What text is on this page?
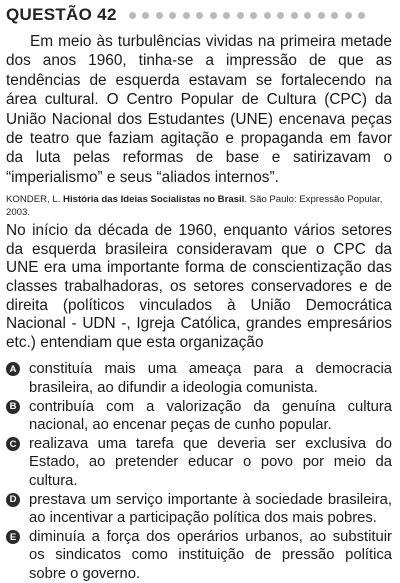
QUESTÃO 42

Em meio às turbulências vividas na primeira metade dos anos 1960, tinha-se a impressão de que as tendências de esquerda estavam se fortalecendo na área cultural. O Centro Popular de Cultura (CPC) da União Nacional dos Estudantes (UNE) encenava peças de teatro que faziam agitação e propaganda em favor da luta pelas reformas de base e satirizavam o “imperialismo” e seus “aliados internos”.

KONDER, L. História das Ideias Socialistas no Brasil. São Paulo: Expressão Popular, 2003.

No início da década de 1960, enquanto vários setores da esquerda brasileira consideravam que o CPC da UNE era uma importante forma de conscientização das classes trabalhadoras, os setores conservadores e de direita (políticos vinculados à União Democrática Nacional - UDN -, Igreja Católica, grandes empresários etc.) entendiam que esta organização

A constituía mais uma ameaça para a democracia brasileira, ao difundir a ideologia comunista.
B contribuía com a valorização da genuína cultura nacional, ao encenar peças de cunho popular.
C realizava uma tarefa que deveria ser exclusiva do Estado, ao pretender educar o povo por meio da cultura.
D prestava um serviço importante à sociedade brasileira, ao incentivar a participação política dos mais pobres.
E diminuía a força dos operários urbanos, ao substituir os sindicatos como instituição de pressão política sobre o governo.
